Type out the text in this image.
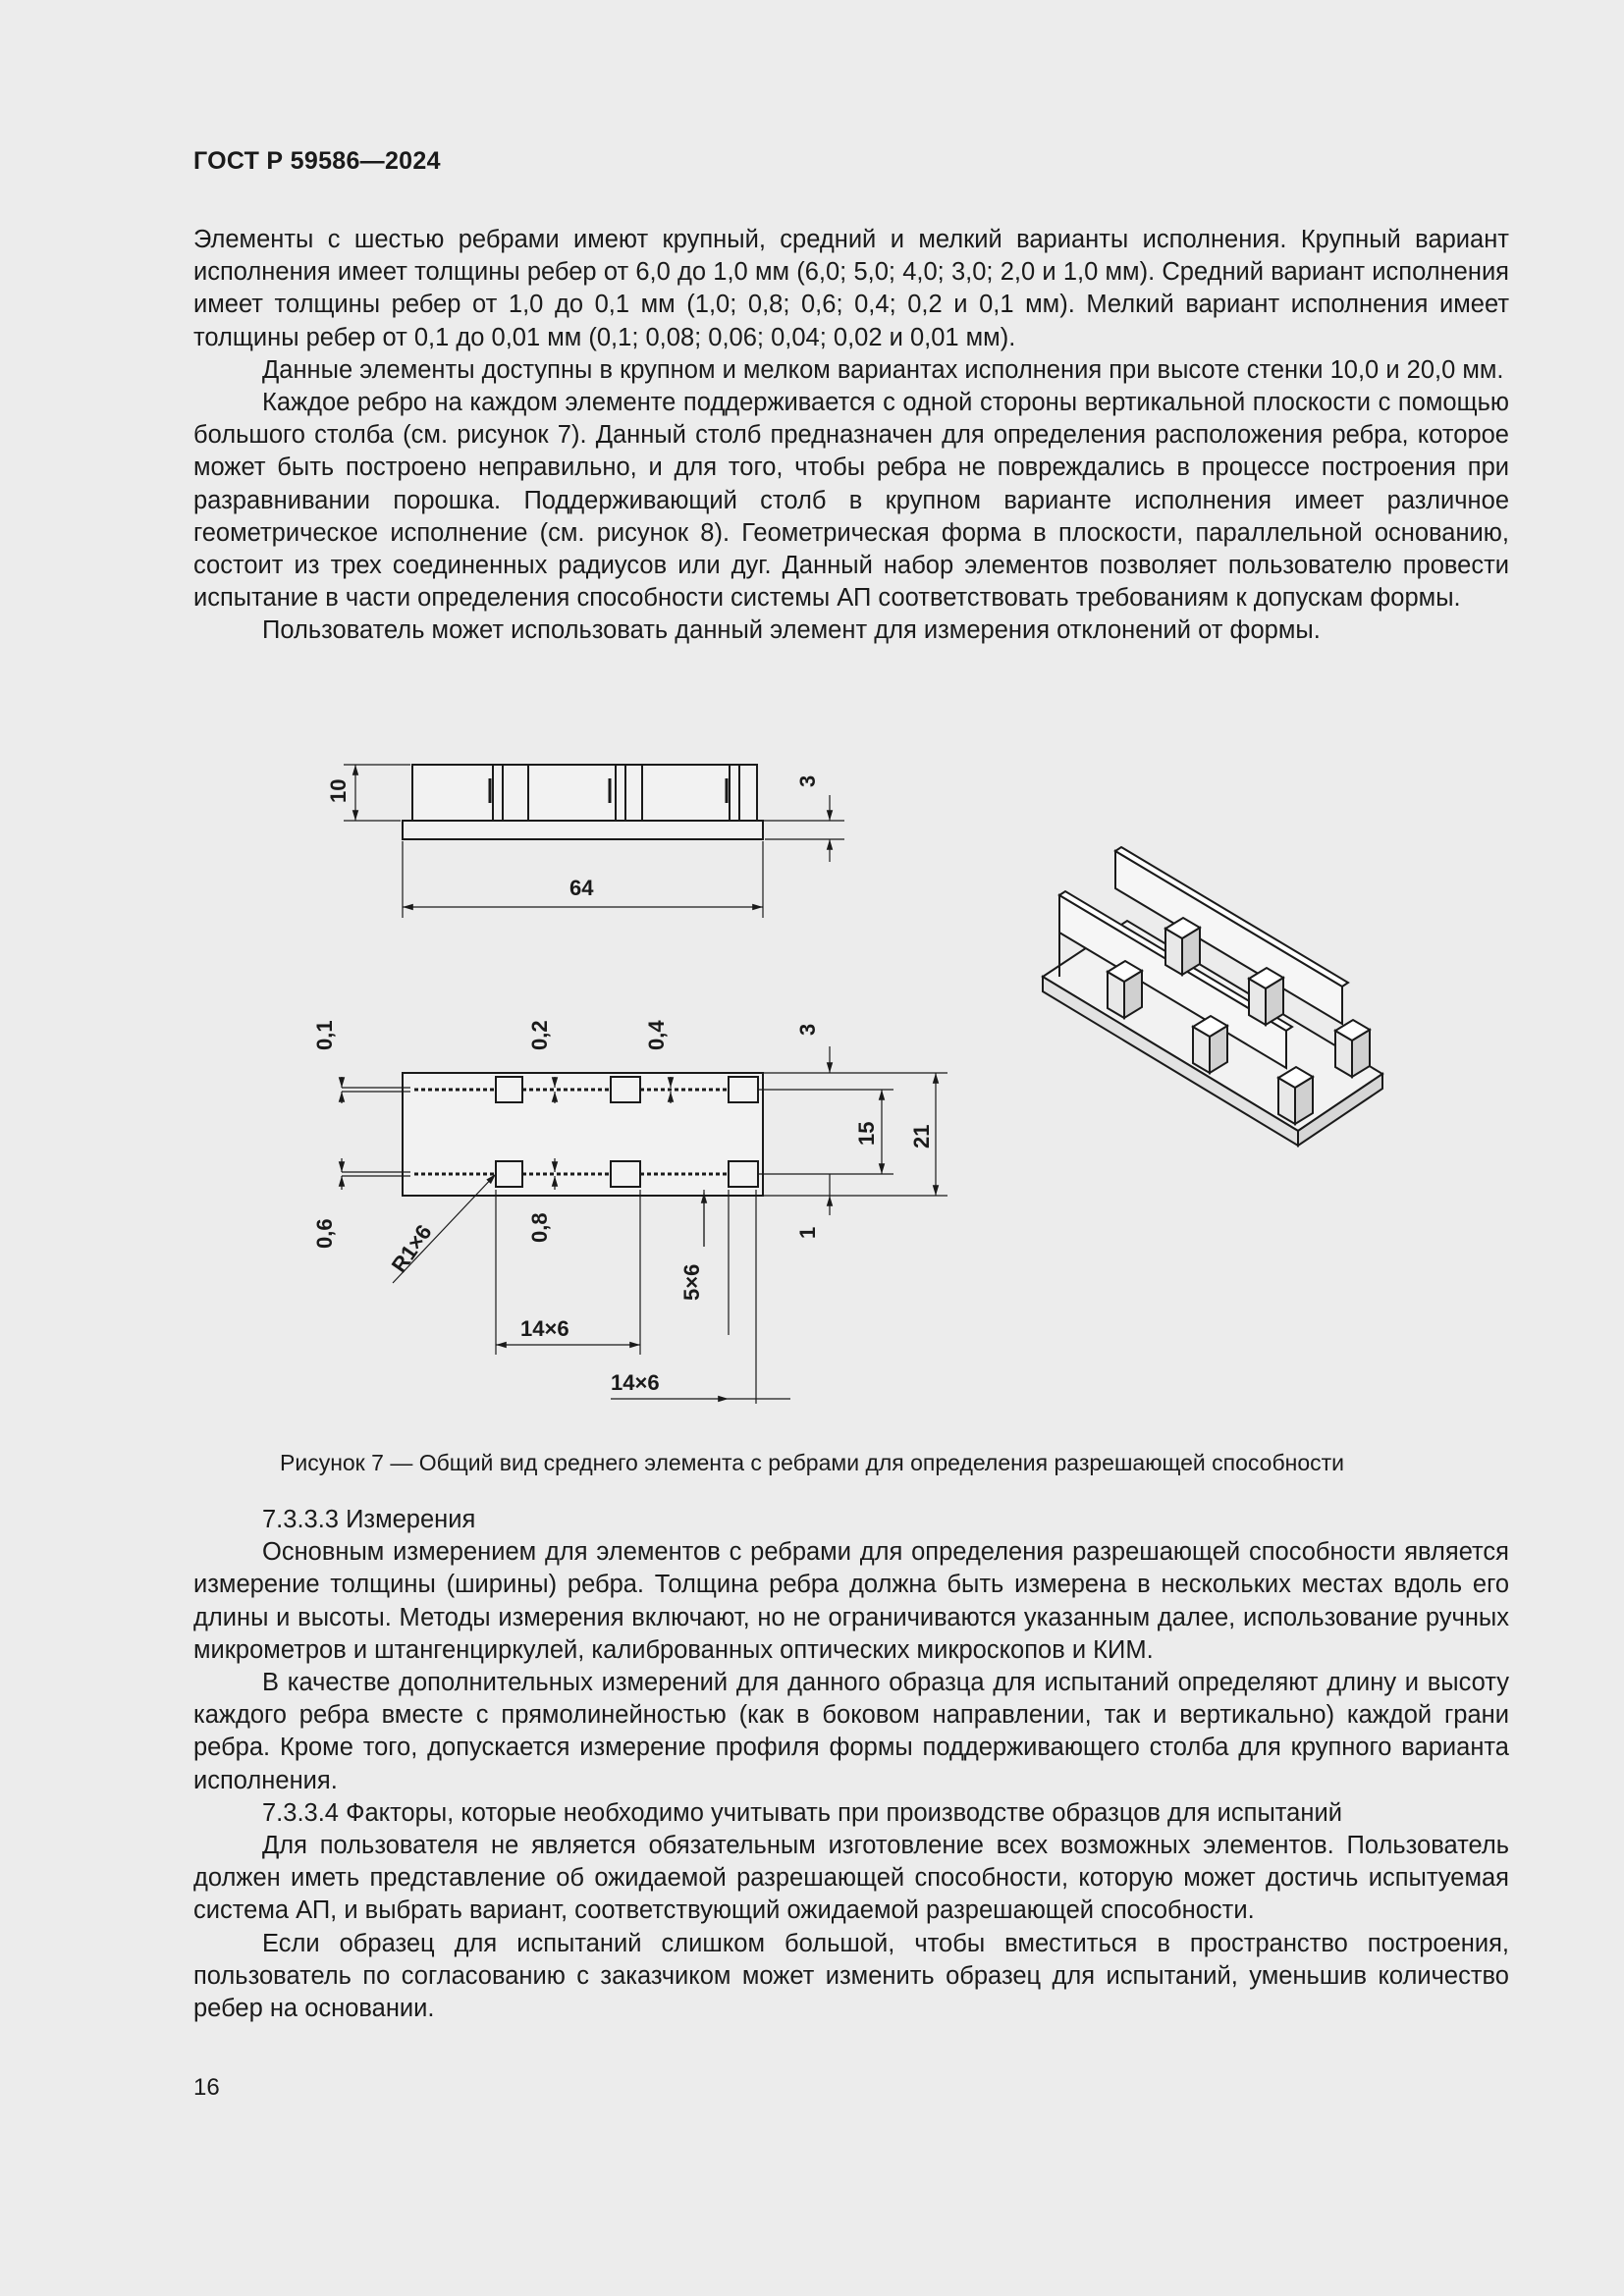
ГОСТ Р 59586—2024

Элементы с шестью ребрами имеют крупный, средний и мелкий варианты исполнения. Крупный вариант исполнения имеет толщины ребер от 6,0 до 1,0 мм (6,0; 5,0; 4,0; 3,0; 2,0 и 1,0 мм). Средний вариант исполнения имеет толщины ребер от 1,0 до 0,1 мм (1,0; 0,8; 0,6; 0,4; 0,2 и 0,1 мм). Мелкий вариант исполнения имеет толщины ребер от 0,1 до 0,01 мм (0,1; 0,08; 0,06; 0,04; 0,02 и 0,01 мм).

Данные элементы доступны в крупном и мелком вариантах исполнения при высоте стенки 10,0 и 20,0 мм.

Каждое ребро на каждом элементе поддерживается с одной стороны вертикальной плоскости с помощью большого столба (см. рисунок 7). Данный столб предназначен для определения расположения ребра, которое может быть построено неправильно, и для того, чтобы ребра не повреждались в процессе построения при разравнивании порошка. Поддерживающий столб в крупном варианте исполнения имеет различное геометрическое исполнение (см. рисунок 8). Геометрическая форма в плоскости, параллельной основанию, состоит из трех соединенных радиусов или дуг. Данный набор элементов позволяет пользователю провести испытание в части определения способности системы АП соответствовать требованиям к допускам формы.

Пользователь может использовать данный элемент для измерения отклонений от формы.

10	3
64
0,1	0,2	0,4	3
15 21
0,6 R1×6	0,8	1
5×6
14×6
14×6
Рисунок 7 — Общий вид среднего элемента с ребрами для определения разрешающей способности

7.3.3.3 Измерения

Основным измерением для элементов с ребрами для определения разрешающей способности является измерение толщины (ширины) ребра. Толщина ребра должна быть измерена в нескольких местах вдоль его длины и высоты. Методы измерения включают, но не ограничиваются указанным далее, использование ручных микрометров и штангенциркулей, калиброванных оптических микроскопов и КИМ.

В качестве дополнительных измерений для данного образца для испытаний определяют длину и высоту каждого ребра вместе с прямолинейностью (как в боковом направлении, так и вертикально) каждой грани ребра. Кроме того, допускается измерение профиля формы поддерживающего столба для крупного варианта исполнения.

7.3.3.4 Факторы, которые необходимо учитывать при производстве образцов для испытаний

Для пользователя не является обязательным изготовление всех возможных элементов. Пользователь должен иметь представление об ожидаемой разрешающей способности, которую может достичь испытуемая система АП, и выбрать вариант, соответствующий ожидаемой разрешающей способности.

Если образец для испытаний слишком большой, чтобы вместиться в пространство построения, пользователь по согласованию с заказчиком может изменить образец для испытаний, уменьшив количество ребер на основании.

16
